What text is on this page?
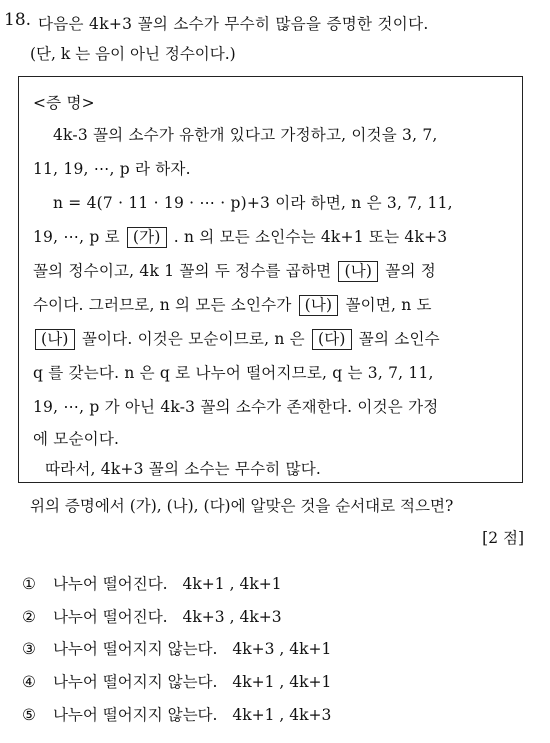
18. 다음은 4k+3 꼴의 소수가 무수히 많음을 증명한 것이다.
(단, k 는 음이 아닌 정수이다.)
<증 명>
4k-3 꼴의 소수가 유한개 있다고 가정하고, 이것을 3, 7,
11, 19, ⋯, p 라 하자.
n = 4(7 · 11 · 19 · ⋯ · p)+3 이라 하면, n 은 3, 7, 11,
19, ⋯, p 로 (가) . n 의 모든 소인수는 4k+1 또는 4k+3
꼴의 정수이고, 4k 1 꼴의 두 정수를 곱하면 (나) 꼴의 정
수이다. 그러므로, n 의 모든 소인수가 (나) 꼴이면, n 도
(나) 꼴이다. 이것은 모순이므로, n 은 (다) 꼴의 소인수
q 를 갖는다. n 은 q 로 나누어 떨어지므로, q 는 3, 7, 11,
19, ⋯, p 가 아닌 4k-3 꼴의 소수가 존재한다. 이것은 가정
에 모순이다.
따라서, 4k+3 꼴의 소수는 무수히 많다.
위의 증명에서 (가), (나), (다)에 알맞은 것을 순서대로 적으면?
[2 점]
① 나누어 떨어진다. 4k+1 , 4k+1
② 나누어 떨어진다. 4k+3 , 4k+3
③ 나누어 떨어지지 않는다. 4k+3 , 4k+1
④ 나누어 떨어지지 않는다. 4k+1 , 4k+1
⑤ 나누어 떨어지지 않는다. 4k+1 , 4k+3
